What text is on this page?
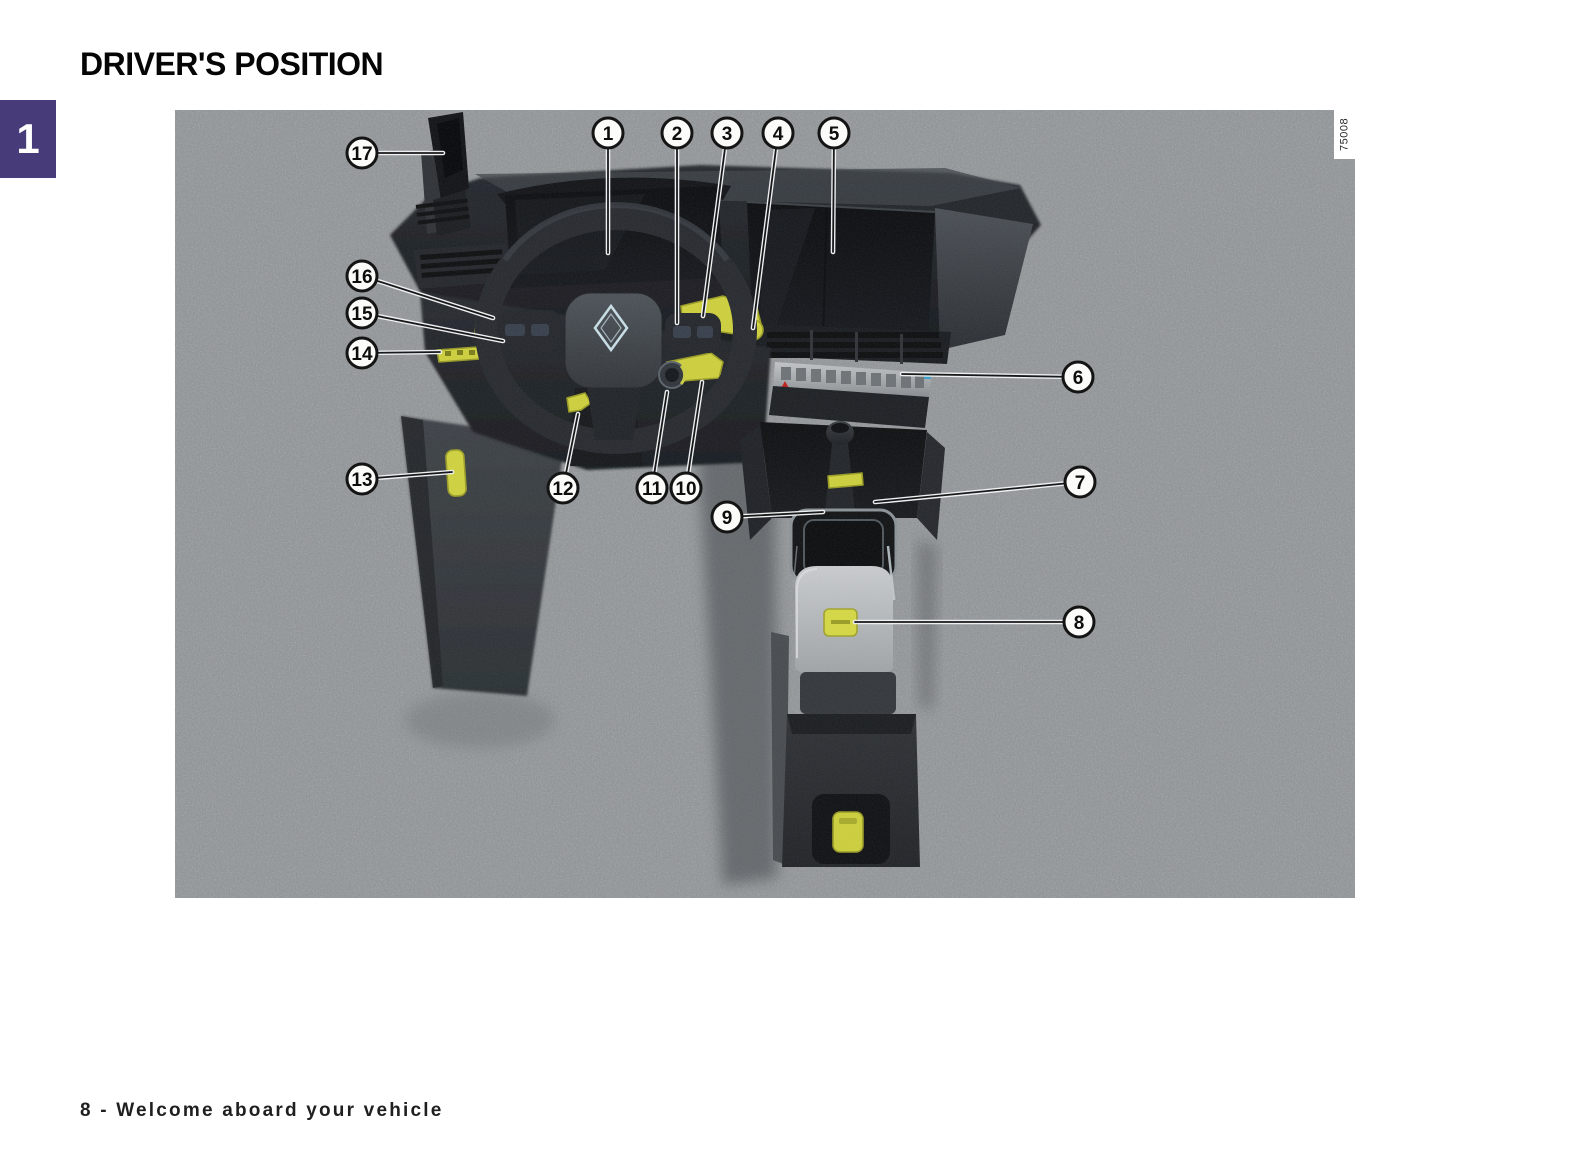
DRIVER'S POSITION
1	1	2 3 4 5
6
7
8
9
10
11
12
13
14
15
16
17
75008
8 - Welcome aboard your vehicle
